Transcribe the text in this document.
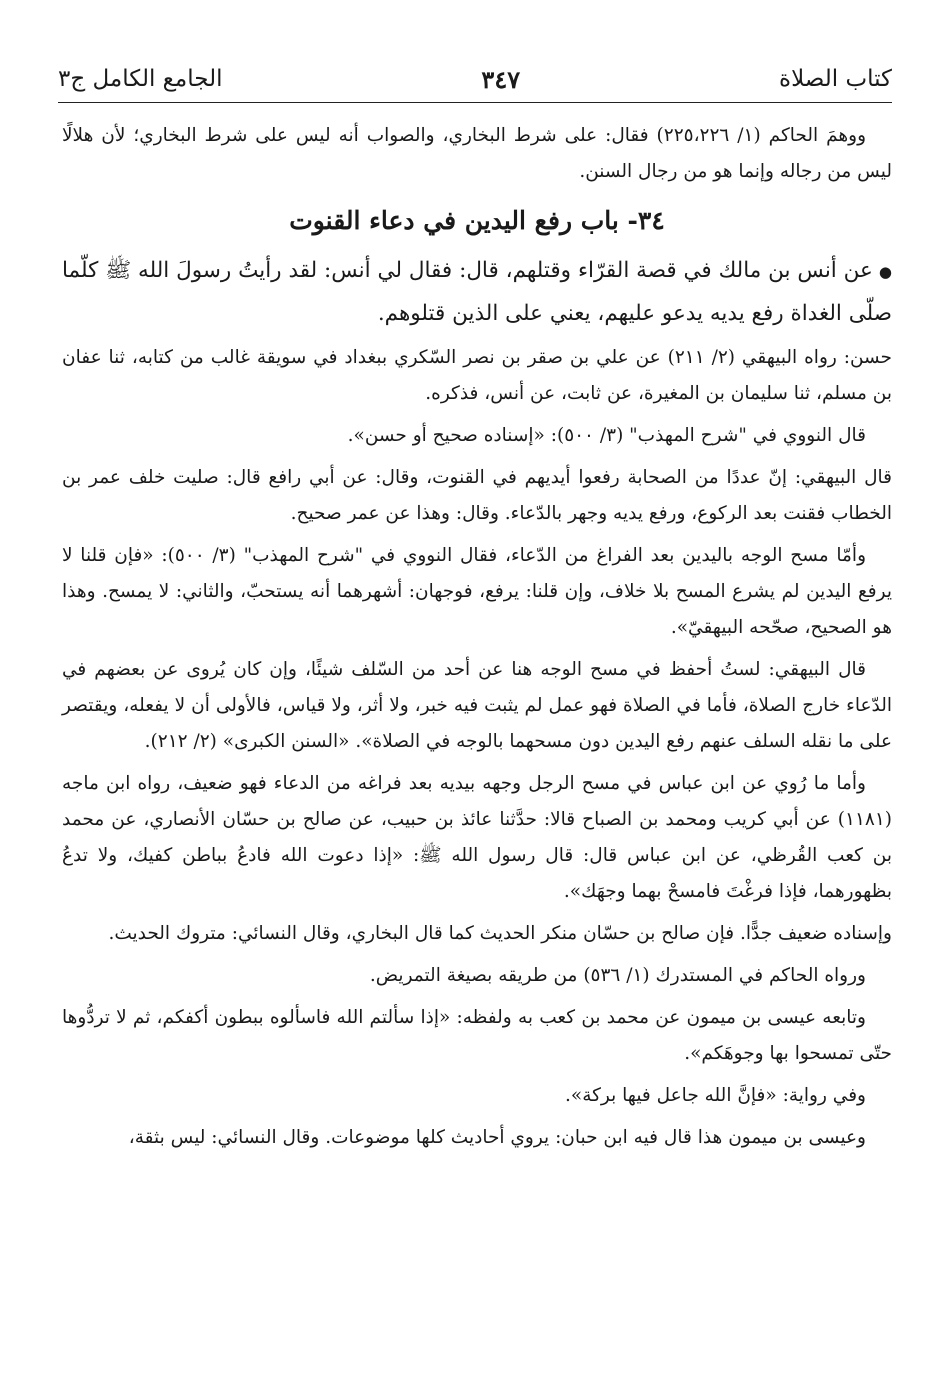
كتاب الصلاة
٣٤٧
الجامع الكامل ج٣

ووهمَ الحاكم (١/ ٢٢٥،٢٢٦) فقال: على شرط البخاري، والصواب أنه ليس على شرط البخاري؛ لأن هلالًا ليس من رجاله وإنما هو من رجال السنن.

٣٤- باب رفع اليدين في دعاء القنوت

●عن أنس بن مالك في قصة القرّاء وقتلهم، قال: فقال لي أنس: لقد رأيتُ رسولَ الله ﷺ كلّما صلّى الغداة رفع يديه يدعو عليهم، يعني على الذين قتلوهم.

حسن: رواه البيهقي (٢/ ٢١١) عن علي بن صقر بن نصر السّكري ببغداد في سويقة غالب من كتابه، ثنا عفان بن مسلم، ثنا سليمان بن المغيرة، عن ثابت، عن أنس، فذكره.

قال النووي في "شرح المهذب" (٣/ ٥٠٠): «إسناده صحيح أو حسن».

قال البيهقي: إنّ عددًا من الصحابة رفعوا أيديهم في القنوت، وقال: عن أبي رافع قال: صليت خلف عمر بن الخطاب فقنت بعد الركوع، ورفع يديه وجهر بالدّعاء. وقال: وهذا عن عمر صحيح.

وأمّا مسح الوجه باليدين بعد الفراغ من الدّعاء، فقال النووي في "شرح المهذب" (٣/ ٥٠٠): «فإن قلنا لا يرفع اليدين لم يشرع المسح بلا خلاف، وإن قلنا: يرفع، فوجهان: أشهرهما أنه يستحبّ، والثاني: لا يمسح. وهذا هو الصحيح، صحّحه البيهقيّ».

قال البيهقي: لستُ أحفظ في مسح الوجه هنا عن أحد من السّلف شيئًا، وإن كان يُروى عن بعضهم في الدّعاء خارج الصلاة، فأما في الصلاة فهو عمل لم يثبت فيه خبر، ولا أثر، ولا قياس، فالأولى أن لا يفعله، ويقتصر على ما نقله السلف عنهم رفع اليدين دون مسحهما بالوجه في الصلاة». «السنن الكبرى» (٢/ ٢١٢).

وأما ما رُوي عن ابن عباس في مسح الرجل وجهه بيديه بعد فراغه من الدعاء فهو ضعيف، رواه ابن ماجه (١١٨١) عن أبي كريب ومحمد بن الصباح قالا: حدَّثنا عائذ بن حبيب، عن صالح بن حسّان الأنصاري، عن محمد بن كعب القُرظي، عن ابن عباس قال: قال رسول الله ﷺ: «إذا دعوت الله فادعُ بباطن كفيك، ولا تدعُ بظهورهما، فإذا فرغْتَ فامسحْ بهما وجهَك».

وإسناده ضعيف جدًّا. فإن صالح بن حسّان منكر الحديث كما قال البخاري، وقال النسائي: متروك الحديث.

ورواه الحاكم في المستدرك (١/ ٥٣٦) من طريقه بصيغة التمريض.

وتابعه عيسى بن ميمون عن محمد بن كعب به ولفظه: «إذا سألتم الله فاسألوه ببطون أكفكم، ثم لا تردُّوها حتّى تمسحوا بها وجوهَكم».

وفي رواية: «فإنَّ الله جاعل فيها بركة».

وعيسى بن ميمون هذا قال فيه ابن حبان: يروي أحاديث كلها موضوعات. وقال النسائي: ليس بثقة،
